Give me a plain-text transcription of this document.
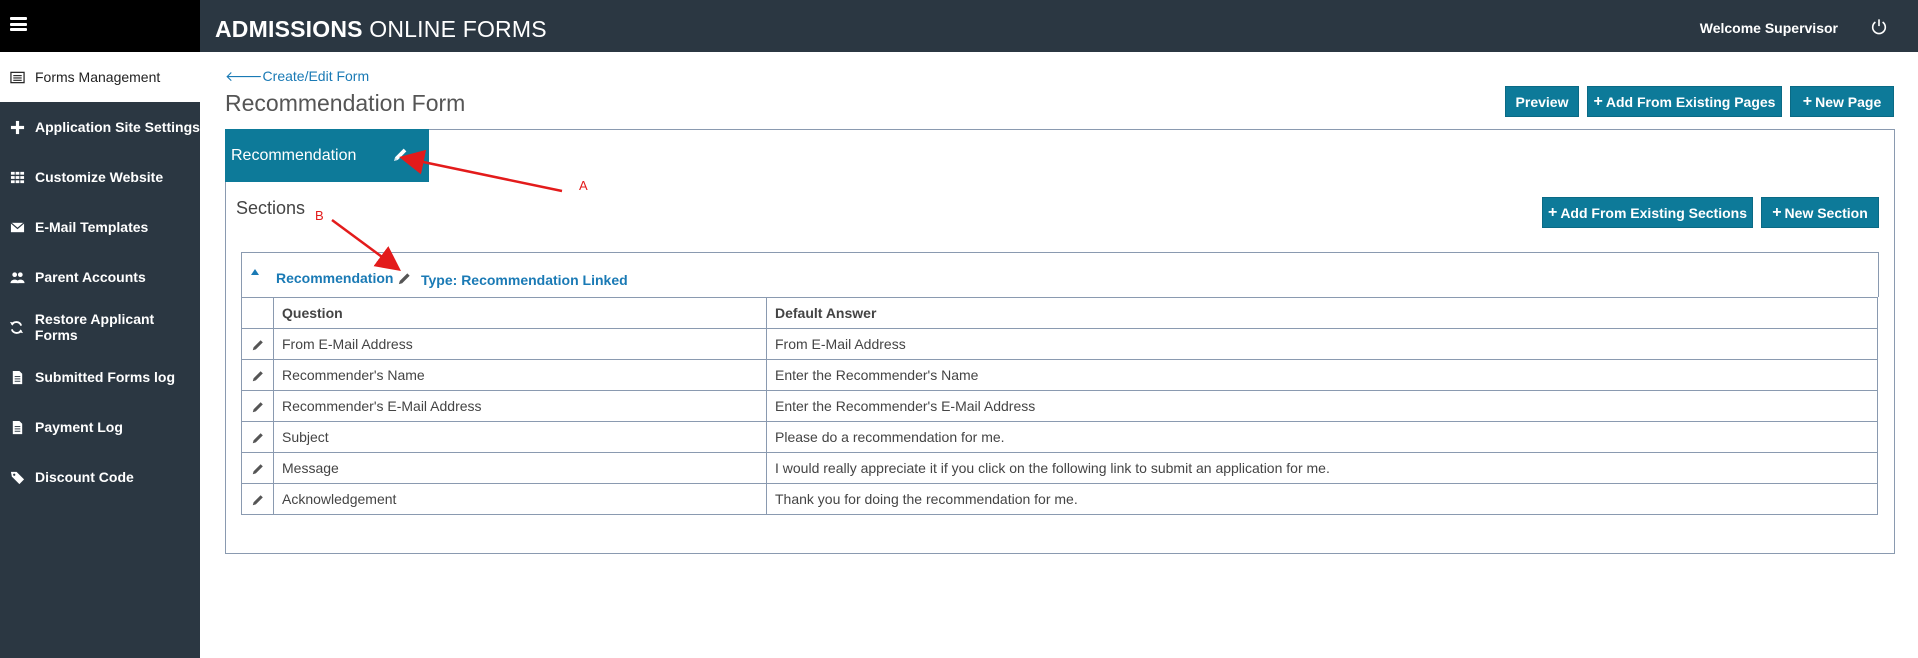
ADMISSIONS ONLINE FORMS	Welcome Supervisor
Forms Management
Application Site Settings
Customize Website
E-Mail Templates
Parent Accounts
Restore Applicant Forms
Submitted Forms log
Payment Log
Discount Code
🡐Create/Edit Form
Recommendation Form	Preview + Add From Existing Pages + New Page
Recommendation
Sections	+ Add From Existing Sections + New Section
Recommendation Type: Recommendation Linked
	Question	Default Answer
	From E-Mail Address	From E-Mail Address
	Recommender's Name	Enter the Recommender's Name
	Recommender's E-Mail Address	Enter the Recommender's E-Mail Address
	Subject	Please do a recommendation for me.
	Message	I would really appreciate it if you click on the following link to submit an application for me.
	Acknowledgement	Thank you for doing the recommendation for me.
A
B
